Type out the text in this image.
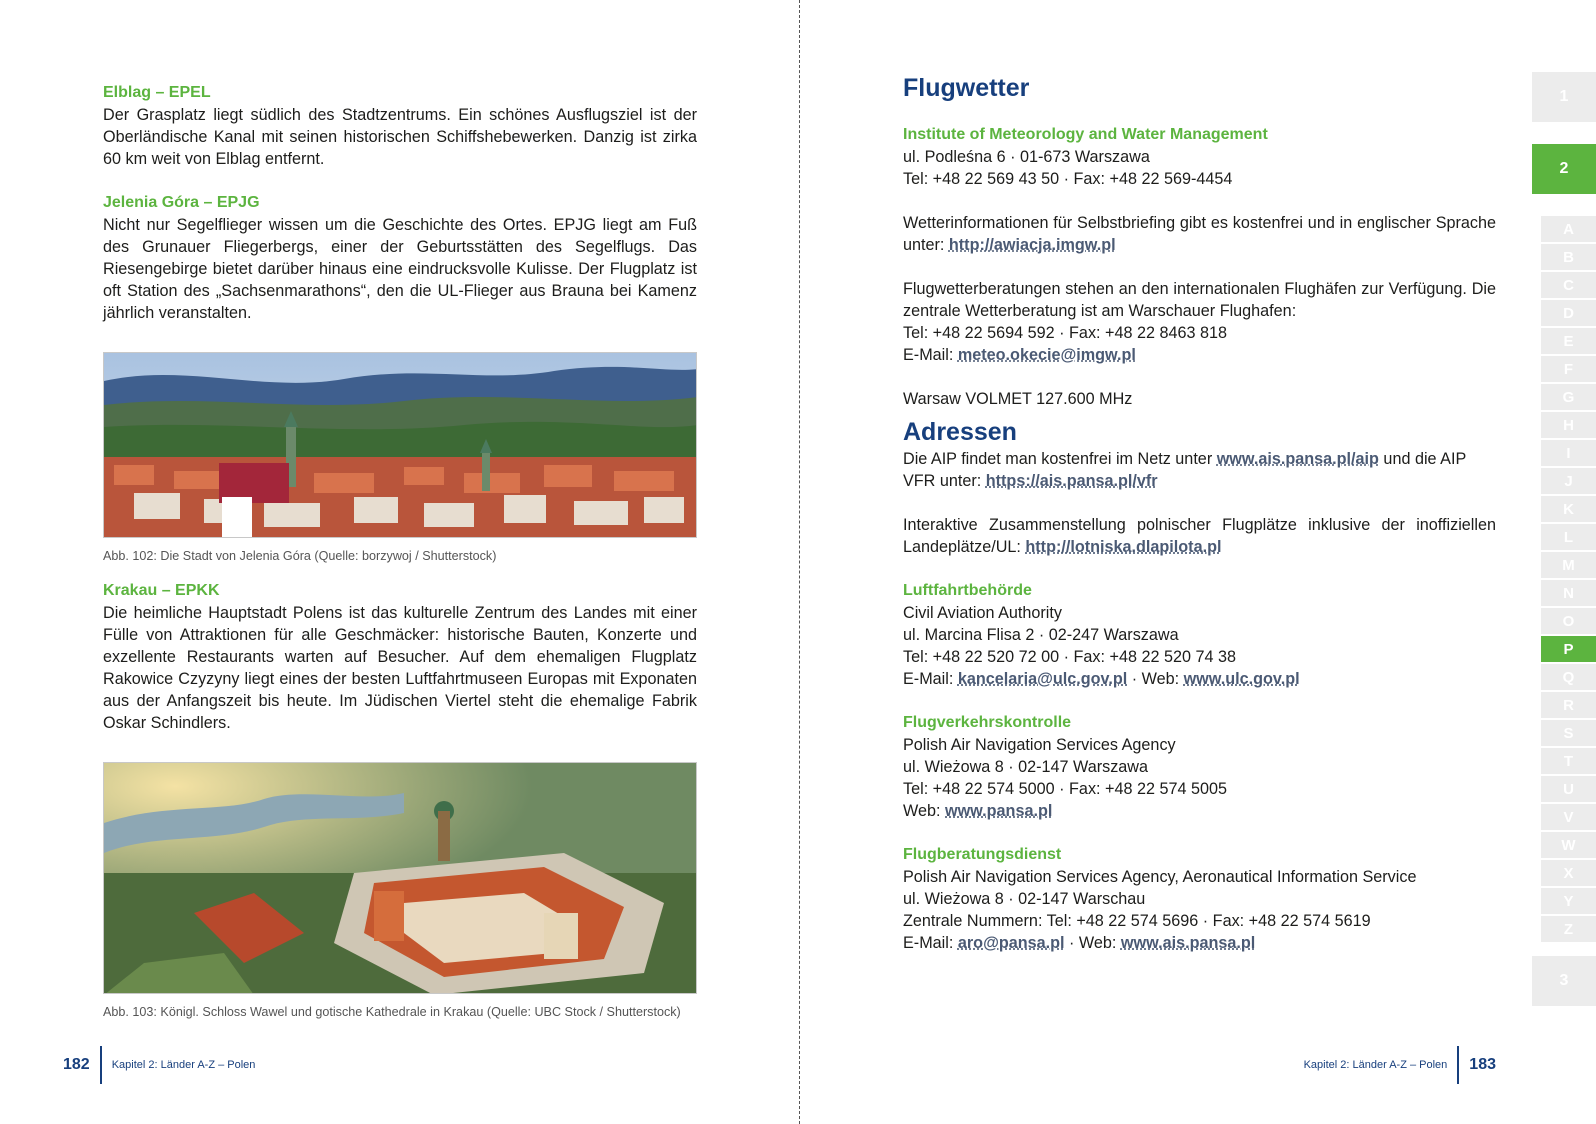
Elblag – EPEL

Der Grasplatz liegt südlich des Stadtzentrums. Ein schönes Ausflugsziel ist der Oberländische Kanal mit seinen historischen Schiffshebewerken. Danzig ist zirka 60 km weit von Elblag entfernt.

Jelenia Góra – EPJG

Nicht nur Segelflieger wissen um die Geschichte des Ortes. EPJG liegt am Fuß des Grunauer Fliegerbergs, einer der Geburtsstätten des Segelflugs. Das Riesengebirge bietet darüber hinaus eine eindrucksvolle Kulisse. Der Flugplatz ist oft Station des „Sachsenmarathons“, den die UL-Flieger aus Brauna bei Kamenz jährlich veranstalten.

Abb. 102: Die Stadt von Jelenia Góra (Quelle: borzywoj / Shutterstock)
Krakau – EPKK

Die heimliche Hauptstadt Polens ist das kulturelle Zentrum des Landes mit einer Fülle von Attraktionen für alle Geschmäcker: historische Bauten, Konzerte und exzellente Restaurants warten auf Besucher. Auf dem ehemaligen Flugplatz Rakowice Czyzyny liegt eines der besten Luftfahrtmuseen Europas mit Exponaten aus der Anfangszeit bis heute. Im Jüdischen Viertel steht die ehemalige Fabrik Oskar Schindlers.

Abb. 103: Königl. Schloss Wawel und gotische Kathedrale in Krakau (Quelle: UBC Stock / Shutterstock)
182 Kapitel 2: Länder A-Z – Polen
Flugwetter
Institute of Meteorology and Water Management
ul. Podleśna 6 · 01-673 Warszawa
Tel: +48 22 569 43 50 · Fax: +48 22 569-4454

Wetterinformationen für Selbstbriefing gibt es kostenfrei und in englischer Sprache unter: http://awiacja.imgw.pl

Flugwetterberatungen stehen an den internationalen Flughäfen zur Verfügung. Die zentrale Wetterberatung ist am Warschauer Flughafen:

Tel: +48 22 5694 592 · Fax: +48 22 8463 818
E-Mail: meteo.okecie@imgw.pl
Warsaw VOLMET 127.600 MHz
Adressen

Die AIP findet man kostenfrei im Netz unter www.ais.pansa.pl/aip und die AIP VFR unter: https://ais.pansa.pl/vfr

Interaktive Zusammenstellung polnischer Flugplätze inklusive der inoffiziellen Landeplätze/UL: http://lotniska.dlapilota.pl

Luftfahrtbehörde
Civil Aviation Authority
ul. Marcina Flisa 2 · 02-247 Warszawa
Tel: +48 22 520 72 00 · Fax: +48 22 520 74 38
E-Mail: kancelaria@ulc.gov.pl · Web: www.ulc.gov.pl
Flugverkehrskontrolle
Polish Air Navigation Services Agency
ul. Wieżowa 8 · 02-147 Warszawa
Tel: +48 22 574 5000 · Fax: +48 22 574 5005
Web: www.pansa.pl
Flugberatungsdienst
Polish Air Navigation Services Agency, Aeronautical Information Service
ul. Wieżowa 8 · 02-147 Warschau
Zentrale Nummern: Tel: +48 22 574 5696 · Fax: +48 22 574 5619
E-Mail: aro@pansa.pl · Web: www.ais.pansa.pl
Kapitel 2: Länder A-Z – Polen 183
1
2
A
B
C
D
E
F
G
H
I
J
K
L
M
N
O
P
Q
R
S
T
U
V
W
X
Y
Z
3
